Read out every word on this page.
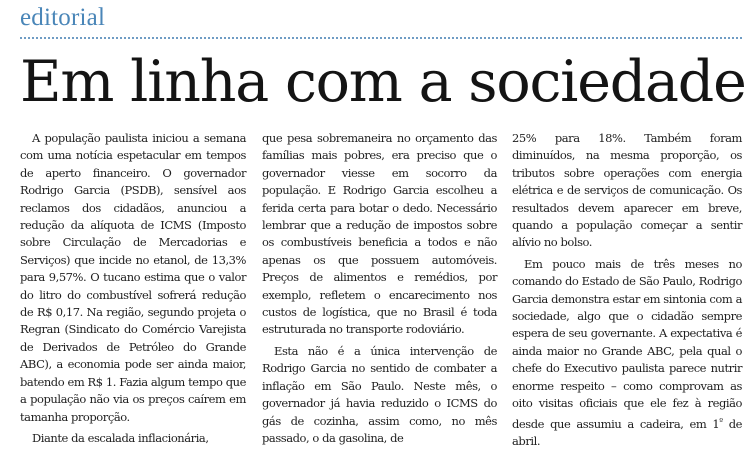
editorial
Em linha com a sociedade

A população paulista iniciou a semana com uma notícia espetacular em tempos de aperto financeiro. O governador Rodrigo Garcia (PSDB), sensível aos reclamos dos cidadãos, anunciou a redução da alíquota de ICMS (Imposto sobre Circulação de Mercadorias e Serviços) que incide no etanol, de 13,3% para 9,57%. O tucano estima que o valor do litro do combustível sofrerá redução de R$ 0,17. Na região, segundo projeta o Regran (Sindicato do Comércio Varejista de Derivados de Petróleo do Grande ABC), a economia pode ser ainda maior, batendo em R$ 1. Fazia algum tempo que a população não via os preços caírem em tamanha proporção.

Diante da escalada inflacionária,

que pesa sobremaneira no orçamento das famílias mais pobres, era preciso que o governador viesse em socorro da população. E Rodrigo Garcia escolheu a ferida certa para botar o dedo. Necessário lembrar que a redução de impostos sobre os combustíveis beneficia a todos e não apenas os que possuem automóveis. Preços de alimentos e remédios, por exemplo, refletem o encarecimento nos custos de logística, que no Brasil é toda estruturada no transporte rodoviário.

Esta não é a única intervenção de Rodrigo Garcia no sentido de combater a inflação em São Paulo. Neste mês, o governador já havia reduzido o ICMS do gás de cozinha, assim como, no mês passado, o da gasolina, de

25% para 18%. Também foram diminuídos, na mesma proporção, os tributos sobre operações com energia elétrica e de serviços de comunicação. Os resultados devem aparecer em breve, quando a população começar a sentir alívio no bolso.

Em pouco mais de três meses no comando do Estado de São Paulo, Rodrigo Garcia demonstra estar em sintonia com a sociedade, algo que o cidadão sempre espera de seu governante. A expectativa é ainda maior no Grande ABC, pela qual o chefe do Executivo paulista parece nutrir enorme respeito – como comprovam as oito visitas oficiais que ele fez à região desde que assumiu a cadeira, em $1^º$ de abril.
